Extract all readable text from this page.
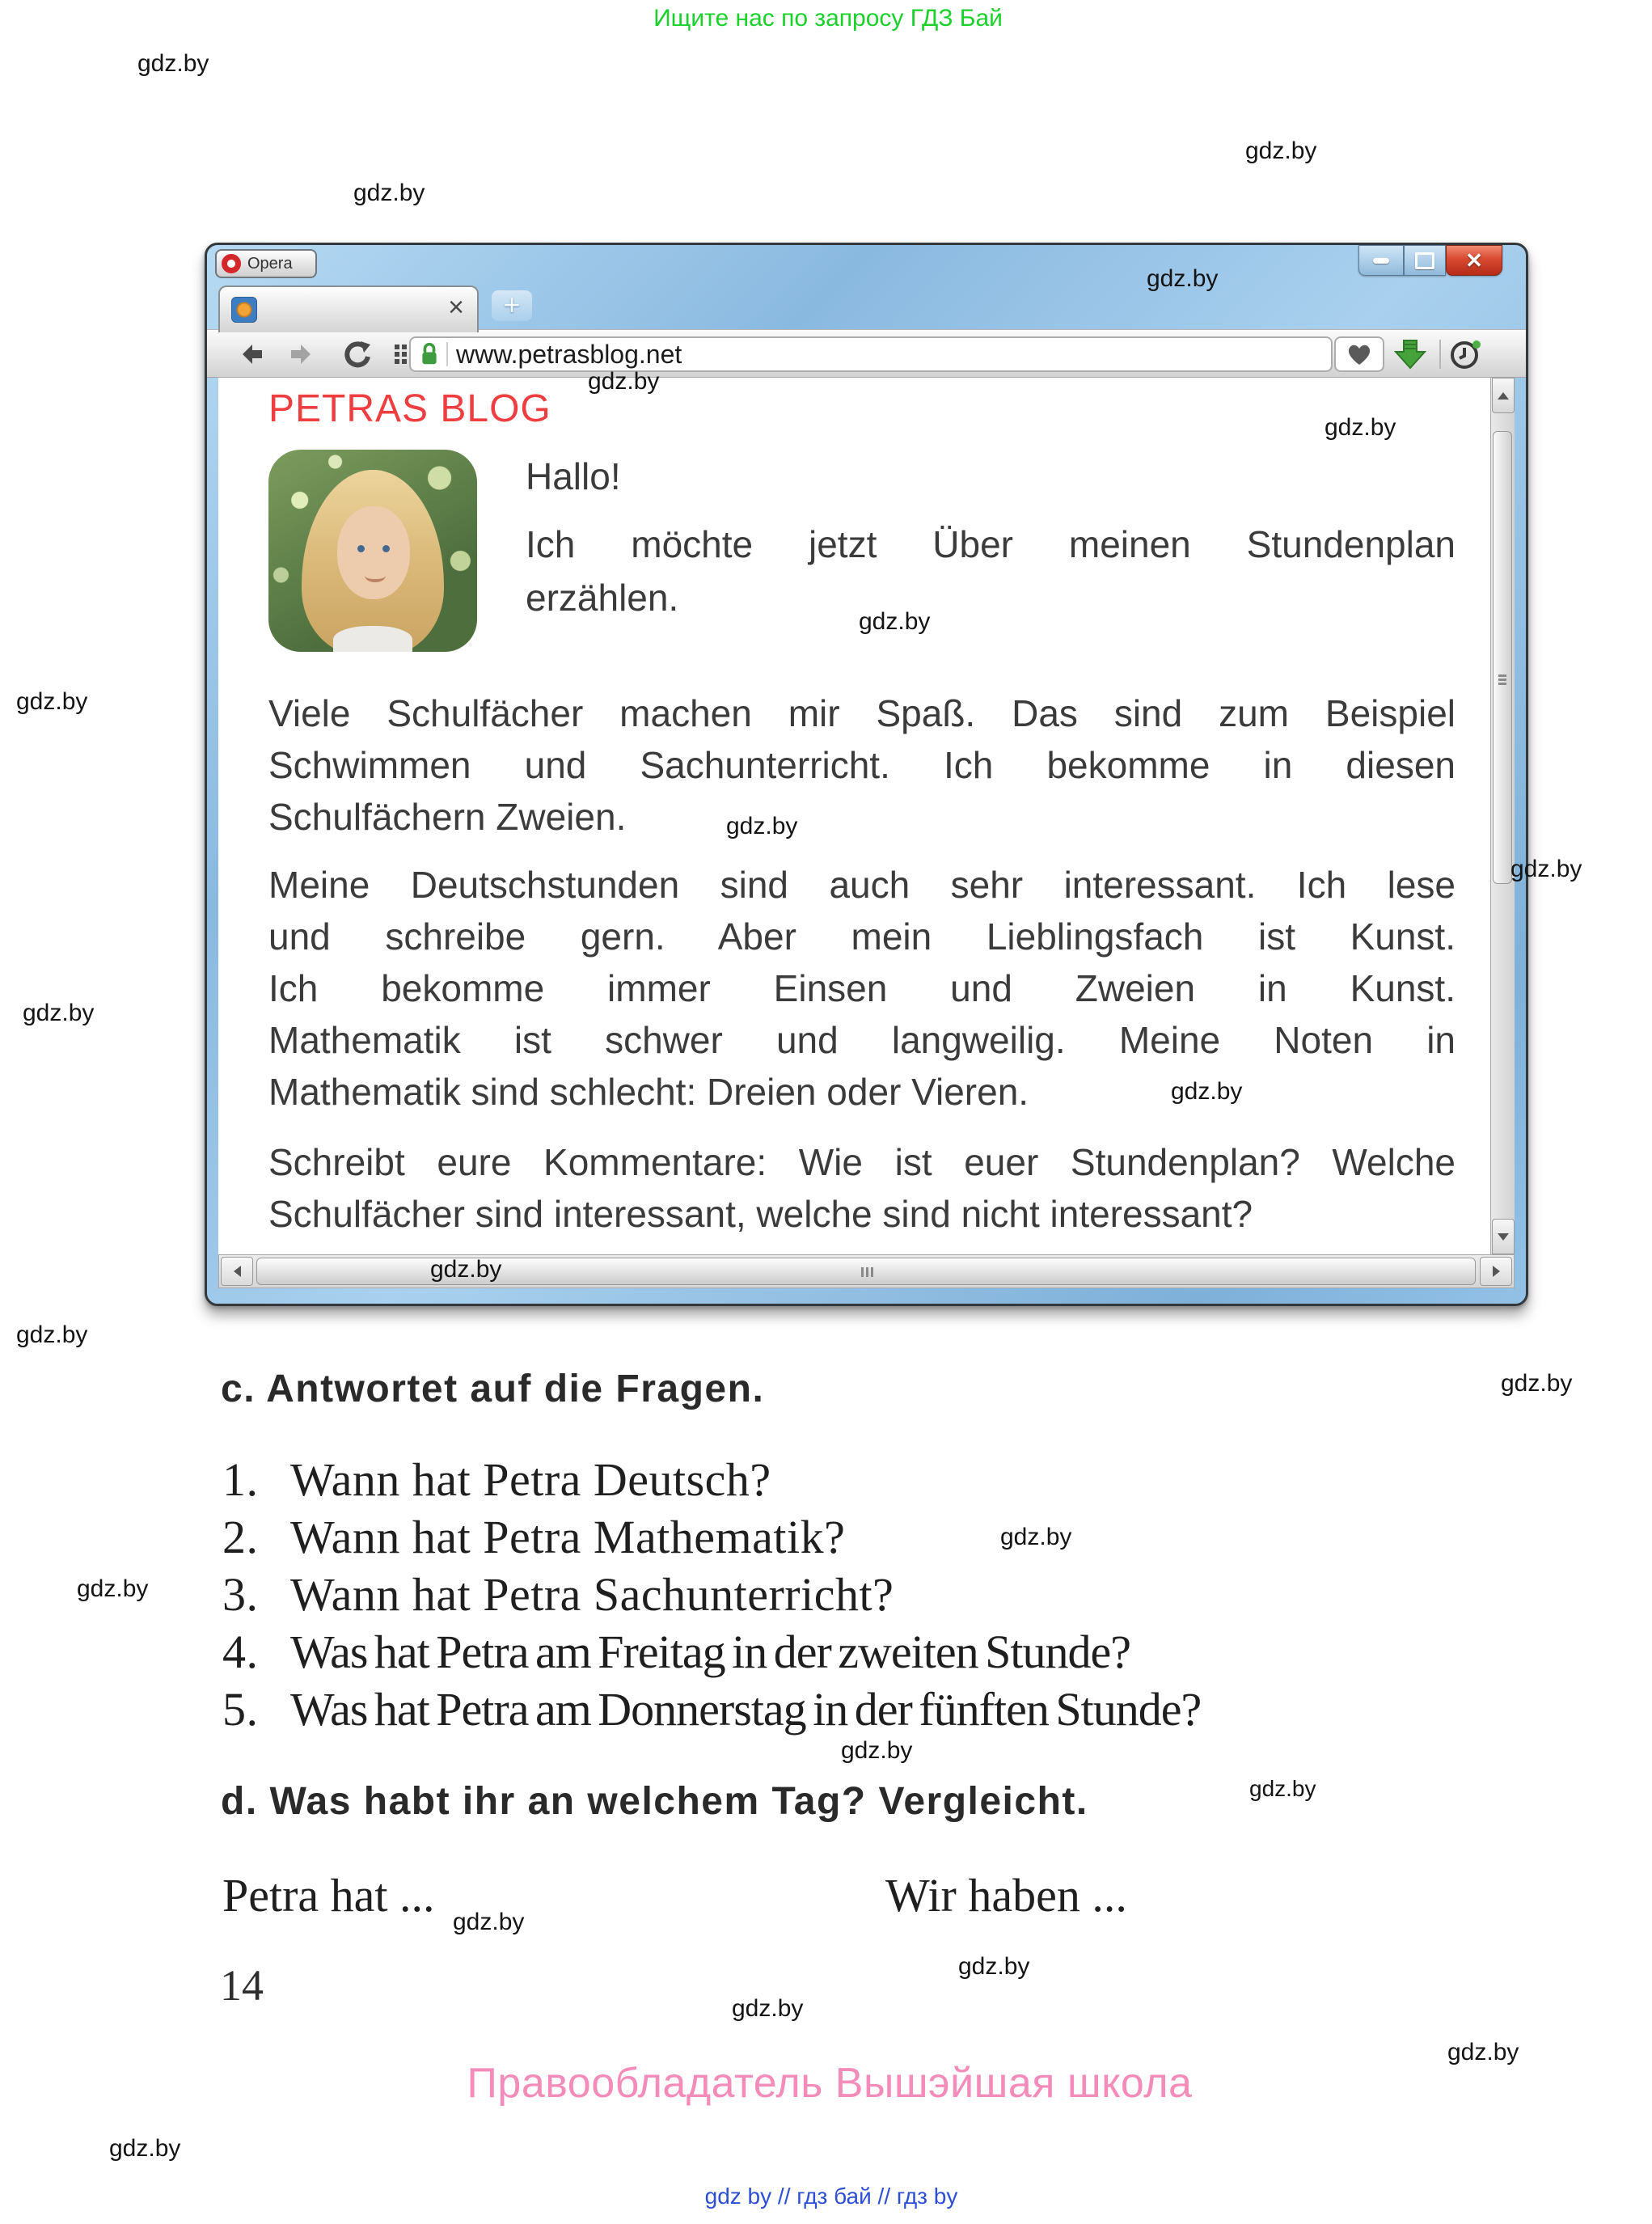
Ищите нас по запросу ГДЗ Бай
gdz.by
gdz.by
gdz.by
gdz.by
gdz.by
gdz.by
gdz.by
gdz.by
gdz.by
gdz.by
gdz.by
gdz.by
gdz.by
gdz.by
gdz.by
gdz.by
gdz.by
gdz.by
gdz.by
gdz.by
gdz.by
gdz.by
gdz.by
gdz.by
Opera	✕
×	+
www.petrasblog.net
PETRAS BLOG
Hallo!
Ich möchte jetzt Über meinen Stundenplan
erzählen.
Viele Schulfächer machen mir Spaß. Das sind zum Beispiel
Schwimmen und Sachunterricht. Ich bekomme in diesen
Schulfächern Zweien.
Meine Deutschstunden sind auch sehr interessant. Ich lese
und schreibe gern. Aber mein Lieblingsfach ist Kunst.
Ich bekomme immer Einsen und Zweien in Kunst.
Mathematik ist schwer und langweilig. Meine Noten in
Mathematik sind schlecht: Dreien oder Vieren.
Schreibt eure Kommentare: Wie ist euer Stundenplan? Welche
Schulfächer sind interessant, welche sind nicht interessant?
c. Antwortet auf die Fragen.
1. Wann hat Petra Deutsch?
2. Wann hat Petra Mathematik?
3. Wann hat Petra Sachunterricht?
4. Was hat Petra am Freitag in der zweiten Stunde?
5. Was hat Petra am Donnerstag in der fünften Stunde?
d. Was habt ihr an welchem Tag? Vergleicht.
Petra hat ...	Wir haben ...
14
Правообладатель Вышэйшая школа
gdz by // гдз бай // гдз by
